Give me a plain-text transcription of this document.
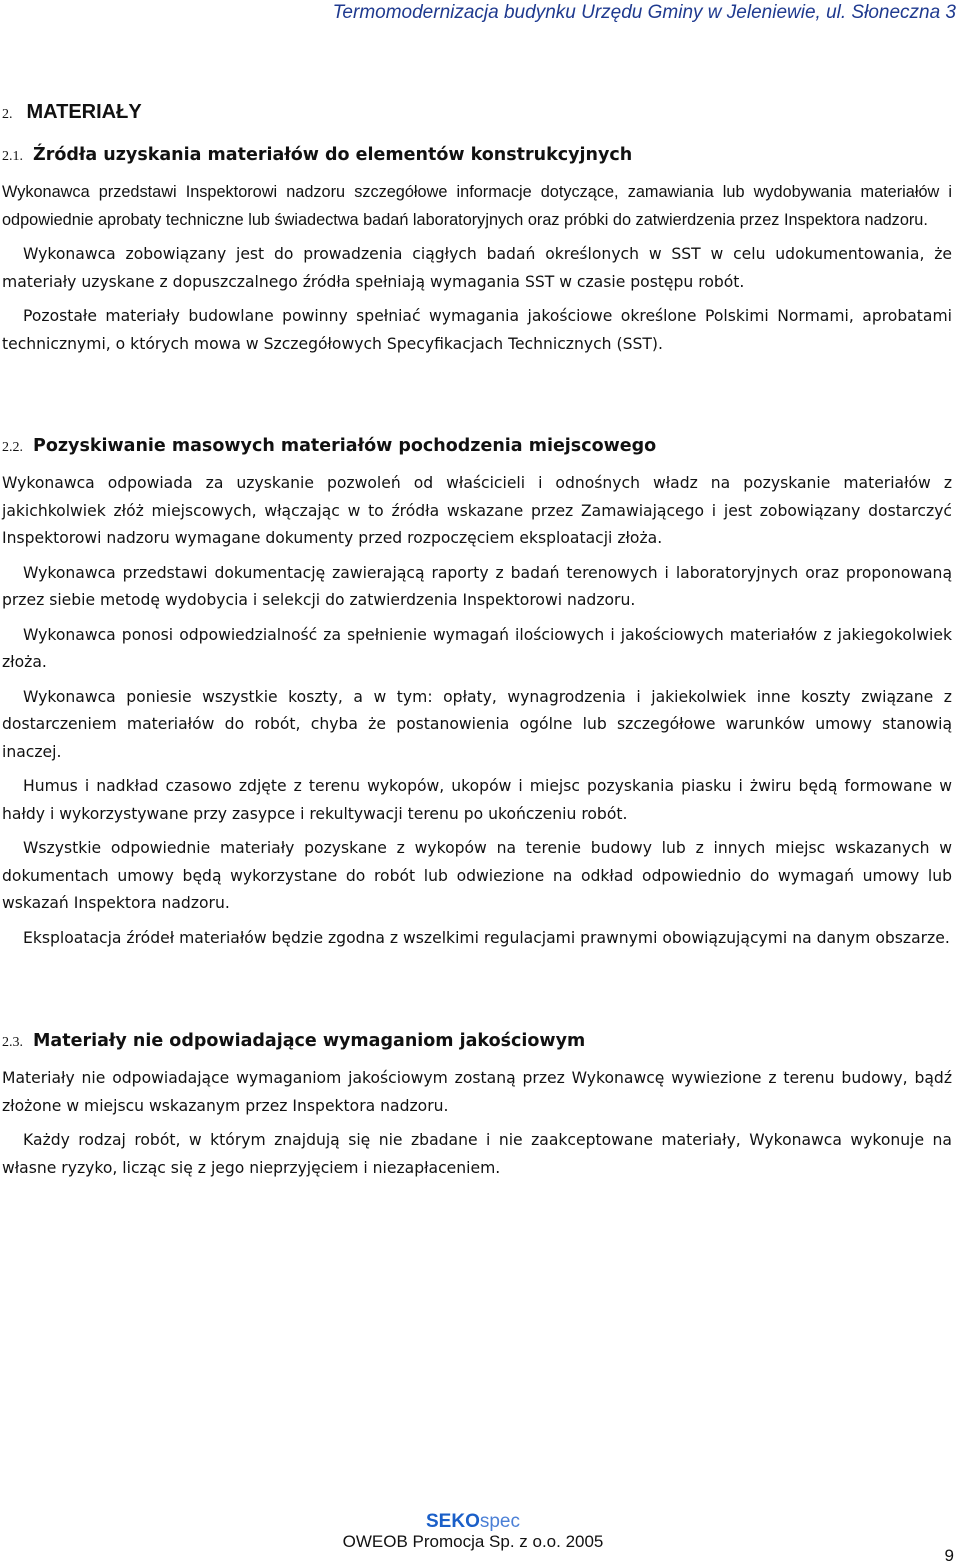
Termomodernizacja budynku Urzędu Gminy w Jeleniewie, ul. Słoneczna 3
2. MATERIAŁY
2.1. Źródła uzyskania materiałów do elementów konstrukcyjnych

Wykonawca przedstawi Inspektorowi nadzoru szczegółowe informacje dotyczące, zamawiania lub wydobywania materiałów i odpowiednie aprobaty techniczne lub świadectwa badań laboratoryjnych oraz próbki do zatwierdzenia przez Inspektora nadzoru.

Wykonawca zobowiązany jest do prowadzenia ciągłych badań określonych w SST w celu udokumentowania, że materiały uzyskane z dopuszczalnego źródła spełniają wymagania SST w czasie postępu robót.

Pozostałe materiały budowlane powinny spełniać wymagania jakościowe określone Polskimi Normami, aprobatami technicznymi, o których mowa w Szczegółowych Specyfikacjach Technicznych (SST).

2.2. Pozyskiwanie masowych materiałów pochodzenia miejscowego

Wykonawca odpowiada za uzyskanie pozwoleń od właścicieli i odnośnych władz na pozyskanie materiałów z jakichkolwiek złóż miejscowych, włączając w to źródła wskazane przez Zamawiającego i jest zobowiązany dostarczyć Inspektorowi nadzoru wymagane dokumenty przed rozpoczęciem eksploatacji złoża.

Wykonawca przedstawi dokumentację zawierającą raporty z badań terenowych i laboratoryjnych oraz proponowaną przez siebie metodę wydobycia i selekcji do zatwierdzenia Inspektorowi nadzoru.

Wykonawca ponosi odpowiedzialność za spełnienie wymagań ilościowych i jakościowych materiałów z jakiegokolwiek złoża.

Wykonawca poniesie wszystkie koszty, a w tym: opłaty, wynagrodzenia i jakiekolwiek inne koszty związane z dostarczeniem materiałów do robót, chyba że postanowienia ogólne lub szczegółowe warunków umowy stanowią inaczej.

Humus i nadkład czasowo zdjęte z terenu wykopów, ukopów i miejsc pozyskania piasku i żwiru będą formowane w hałdy i wykorzystywane przy zasypce i rekultywacji terenu po ukończeniu robót.

Wszystkie odpowiednie materiały pozyskane z wykopów na terenie budowy lub z innych miejsc wskazanych w dokumentach umowy będą wykorzystane do robót lub odwiezione na odkład odpowiednio do wymagań umowy lub wskazań Inspektora nadzoru.

Eksploatacja źródeł materiałów będzie zgodna z wszelkimi regulacjami prawnymi obowiązującymi na danym obszarze.

2.3. Materiały nie odpowiadające wymaganiom jakościowym

Materiały nie odpowiadające wymaganiom jakościowym zostaną przez Wykonawcę wywiezione z terenu budowy, bądź złożone w miejscu wskazanym przez Inspektora nadzoru.

Każdy rodzaj robót, w którym znajdują się nie zbadane i nie zaakceptowane materiały, Wykonawca wykonuje na własne ryzyko, licząc się z jego nieprzyjęciem i niezapłaceniem.

SEKOspec
OWEOB Promocja Sp. z o.o. 2005
9
